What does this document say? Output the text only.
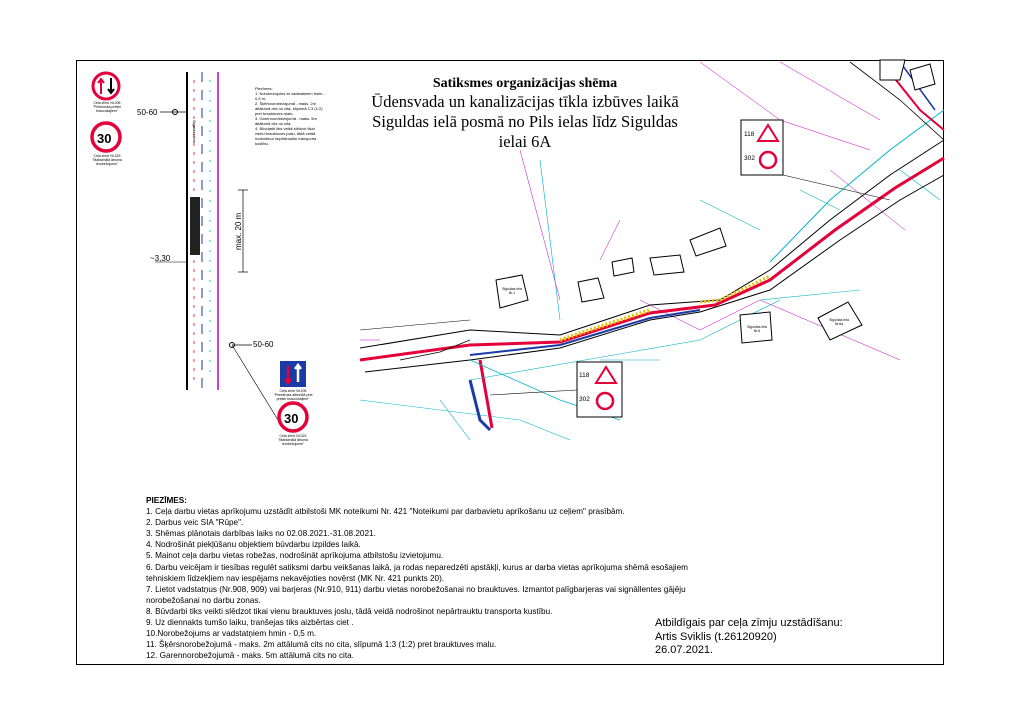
Satiksmes organizācijas shēma
Ūdensvada un kanalizācijas tīkla izbūves laikā
Siguldas ielā posmā no Pils ielas līdz Siguldas
ielai 6A
Ceļa zīme Nr.206
"Priekšroka pretim braucošajiem"
30
Ceļa zīme Nr.323
"Maksimālā ātruma ierobežojums"
50-60
50-60
~3,30
max. 20 m
Siguldas iela
Piezīmes:
1. Norobežojums ar vadstatņiem hmin - 0,5 m;
2. Šķērsnorobežojumā - maks. 2m attālumā cits no cita, slīpumā 1:3 (1:2) pret brauktuves malu;
3. Garennorobežojumā - maks. 5m attālumā cits no cita;
4. Būvdarbi tiks veikti slēdzot tikai vienu brauktuves joslu, tādā veidā nodrošinot nepārtrauktu transporta kustību.
Ceļa zīme Nr.205
"Priekšroka attiecībā pret pretim braucošajiem"
30
Ceļa zīme Nr.323
"Maksimālā ātruma ierobežojums"
118
302
118
302
Siguldas iela Nr.1
Siguldas iela Nr.6
Siguldas iela Nr.6a
PIEZĪMES:
1. Ceļa darbu vietas aprīkojumu uzstādīt atbilstoši MK noteikumi Nr. 421 "Noteikumi par darbavietu aprīkošanu uz ceļiem" prasībām.
2. Darbus veic SIA "Rūpe".
3. Shēmas plānotais darbības laiks no 02.08.2021.-31.08.2021.
4. Nodrošināt piekļūšanu objektiem būvdarbu izpildes laikā.
5. Mainot ceļa darbu vietas robežas, nodrošināt aprīkojuma atbilstošu izvietojumu.
6. Darbu veicējam ir tiesības regulēt satiksmi darbu veikšanas laikā, ja rodas neparedzēti apstākļi, kurus ar darba vietas aprīkojuma shēmā esošajiem tehniskiem līdzekļiem nav iespējams nekavējoties novērst (MK Nr. 421 punkts 20).
7. Lietot vadstatņus (Nr.908, 909) vai barjeras (Nr.910, 911) darbu vietas norobežošanai no brauktuves. Izmantot palīgbarjeras vai signāllentes gājēju norobežošanai no darbu zonas.
8. Būvdarbi tiks veikti slēdzot tikai vienu brauktuves joslu, tādā veidā nodrošinot nepārtrauktu transporta kustību.
9. Uz diennakts tumšo laiku, tranšejas tiks aizbērtas ciet .
10.Norobežojums ar vadstatņiem hmin - 0,5 m.
11. Šķērsnorobežojumā - maks. 2m attālumā cits no cita, slīpumā 1:3 (1:2) pret brauktuves malu.
12. Garennorobežojumā - maks. 5m attālumā cits no cita.
Atbildīgais par ceļa zīmju uzstādīšanu:
Artis Sviklis (t.26120920)
26.07.2021.
